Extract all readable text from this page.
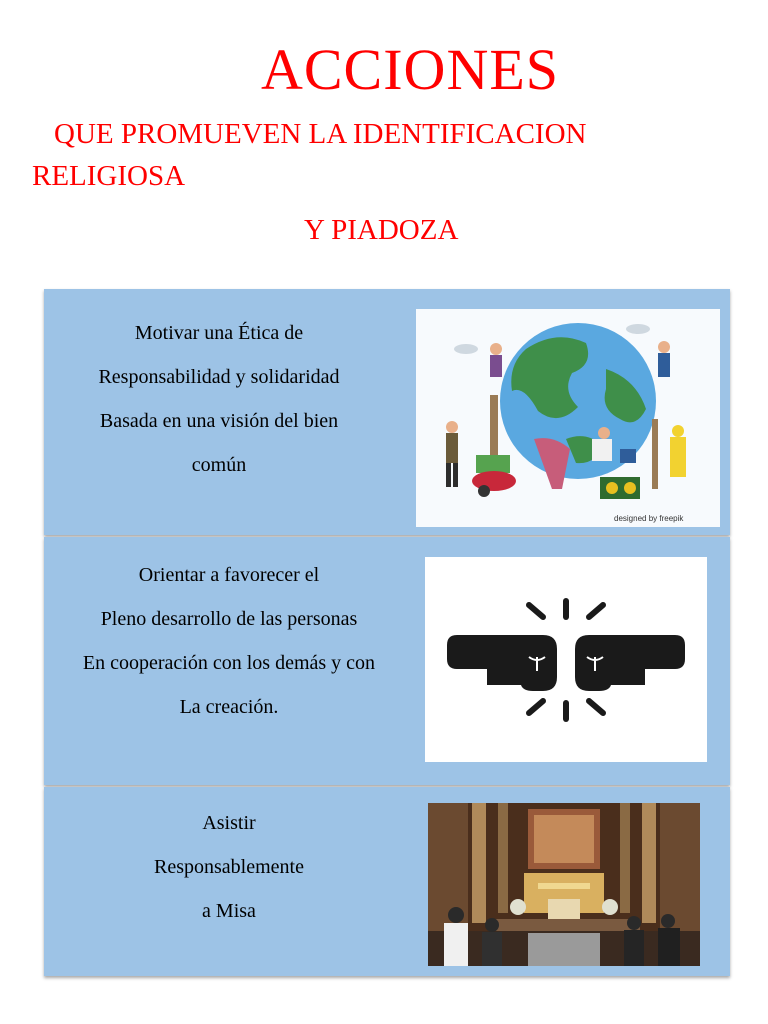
ACCIONES
QUE PROMUEVEN LA IDENTIFICACION
RELIGIOSA
Y PIADOZA
Motivar una Ética de
Responsabilidad y solidaridad
Basada en una visión del bien
común
designed by freepik
Orientar a favorecer el
Pleno desarrollo de las personas
En cooperación con los demás y con
La creación.
Asistir
Responsablemente
a Misa
